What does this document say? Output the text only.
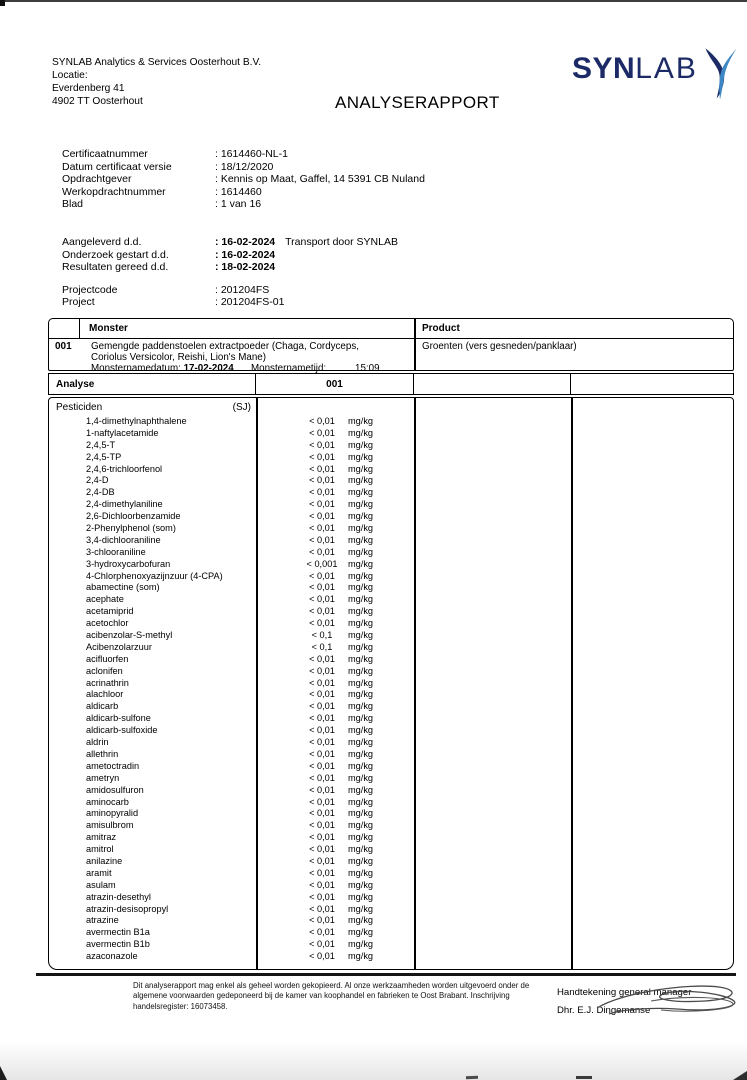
SYNLAB Analytics & Services Oosterhout B.V.
Locatie:
Everdenberg 41
4902 TT Oosterhout	ANALYSERAPPORT
SYNLAB
Certificaatnummer	: 1614460-NL-1
Datum certificaat versie	: 18/12/2020
Opdrachtgever	: Kennis op Maat, Gaffel, 14 5391 CB Nuland
Werkopdrachtnummer	: 1614460
Blad	: 1 van 16
Aangeleverd d.d.	: 16-02-2024 Transport door SYNLAB
Onderzoek gestart d.d.	: 16-02-2024
Resultaten gereed d.d.	: 18-02-2024
Projectcode	: 201204FS
Project	: 201204FS-01
Monster	Product
001 Gemengde paddenstoelen extractpoeder (Chaga, Cordyceps,
Coriolus Versicolor, Reishi, Lion's Mane)
Monsternamedatum: 17-02-2024 Monsternametijd:	15:09
Groenten (vers gesneden/panklaar)
Analyse	001
Pesticiden	(SJ)
1,4-dimethylnaphthalene	< 0,01	mg/kg
1-naftylacetamide	< 0,01	mg/kg
2,4,5-T	< 0,01	mg/kg
2,4,5-TP	< 0,01	mg/kg
2,4,6-trichloorfenol	< 0,01	mg/kg
2,4-D	< 0,01	mg/kg
2,4-DB	< 0,01	mg/kg
2,4-dimethylaniline	< 0,01	mg/kg
2,6-Dichloorbenzamide	< 0,01	mg/kg
2-Phenylphenol (som)	< 0,01	mg/kg
3,4-dichlooraniline	< 0,01	mg/kg
3-chlooraniline	< 0,01	mg/kg
3-hydroxycarbofuran	< 0,001	mg/kg
4-Chlorphenoxyazijnzuur (4-CPA)	< 0,01	mg/kg
abamectine (som)	< 0,01	mg/kg
acephate	< 0,01	mg/kg
acetamiprid	< 0,01	mg/kg
acetochlor	< 0,01	mg/kg
acibenzolar-S-methyl	< 0,1	mg/kg
Acibenzolarzuur	< 0,1	mg/kg
acifluorfen	< 0,01	mg/kg
aclonifen	< 0,01	mg/kg
acrinathrin	< 0,01	mg/kg
alachloor	< 0,01	mg/kg
aldicarb	< 0,01	mg/kg
aldicarb-sulfone	< 0,01	mg/kg
aldicarb-sulfoxide	< 0,01	mg/kg
aldrin	< 0,01	mg/kg
allethrin	< 0,01	mg/kg
ametoctradin	< 0,01	mg/kg
ametryn	< 0,01	mg/kg
amidosulfuron	< 0,01	mg/kg
aminocarb	< 0,01	mg/kg
aminopyralid	< 0,01	mg/kg
amisulbrom	< 0,01	mg/kg
amitraz	< 0,01	mg/kg
amitrol	< 0,01	mg/kg
anilazine	< 0,01	mg/kg
aramit	< 0,01	mg/kg
asulam	< 0,01	mg/kg
atrazin-desethyl	< 0,01	mg/kg
atrazin-desisopropyl	< 0,01	mg/kg
atrazine	< 0,01	mg/kg
avermectin B1a	< 0,01	mg/kg
avermectin B1b	< 0,01	mg/kg
azaconazole	< 0,01	mg/kg
Dit analyserapport mag enkel als geheel worden gekopieerd. Al onze werkzaamheden worden uitgevoerd onder de
algemene voorwaarden gedeponeerd bij de kamer van koophandel en fabrieken te Oost Brabant. Inschrijving
handelsregister: 16073458.
Handtekening general manager
Dhr. E.J. Dingemanse
